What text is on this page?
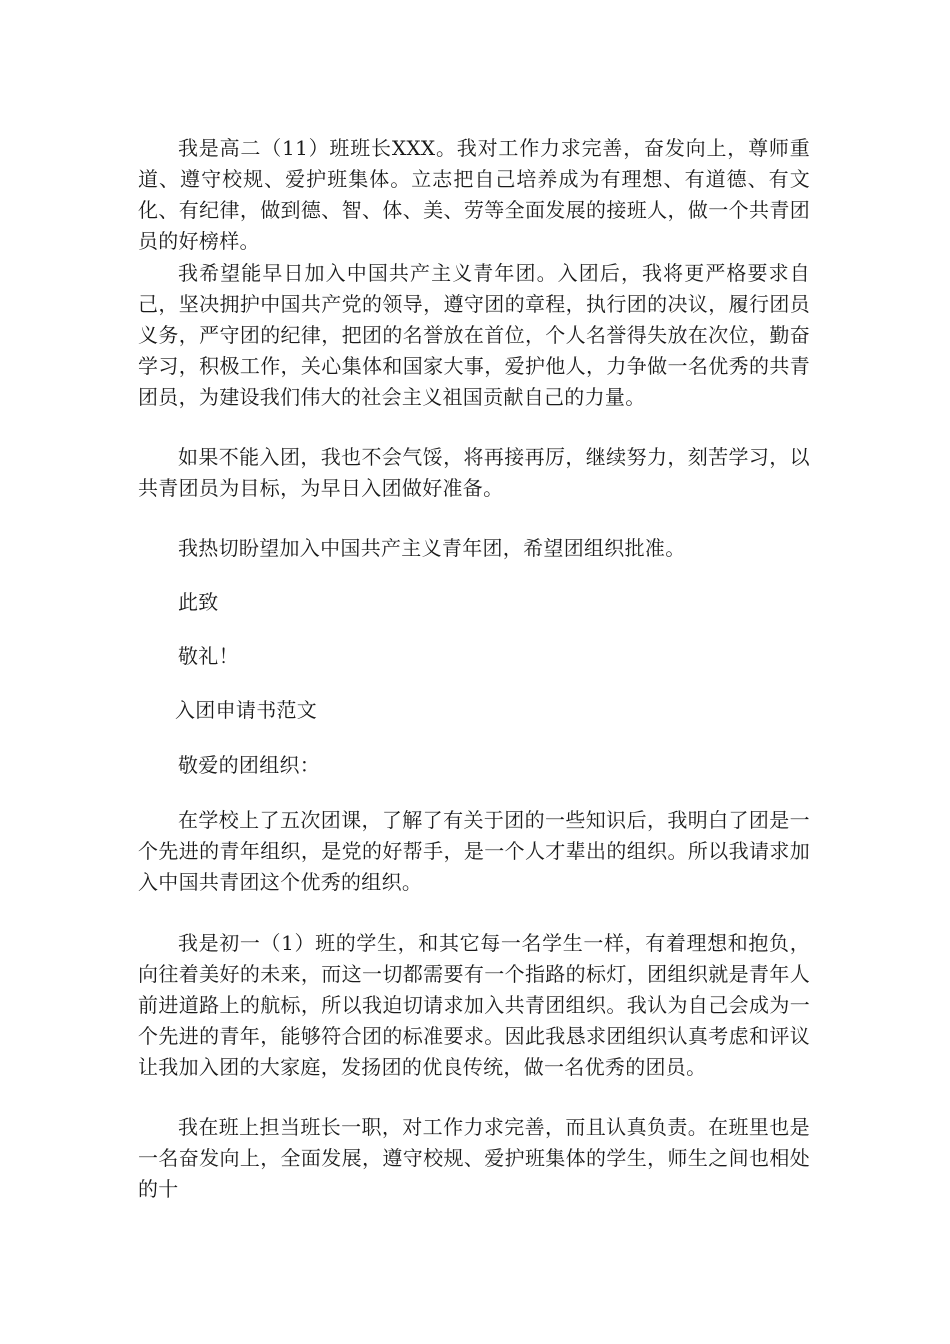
我是高二（11）班班长XXX。我对工作力求完善，奋发向上，尊师重道、遵守校规、爱护班集体。立志把自己培养成为有理想、有道德、有文化、有纪律，做到德、智、体、美、劳等全面发展的接班人，做一个共青团员的好榜样。

我希望能早日加入中国共产主义青年团。入团后，我将更严格要求自己，坚决拥护中国共产党的领导，遵守团的章程，执行团的决议，履行团员义务，严守团的纪律，把团的名誉放在首位，个人名誉得失放在次位，勤奋学习，积极工作，关心集体和国家大事，爱护他人，力争做一名优秀的共青团员，为建设我们伟大的社会主义祖国贡献自己的力量。

如果不能入团，我也不会气馁，将再接再厉，继续努力，刻苦学习，以共青团员为目标，为早日入团做好准备。

我热切盼望加入中国共产主义青年团，希望团组织批准。

此致

敬礼！

入团申请书范文

敬爱的团组织：

在学校上了五次团课，了解了有关于团的一些知识后，我明白了团是一个先进的青年组织，是党的好帮手，是一个人才辈出的组织。所以我请求加入中国共青团这个优秀的组织。

我是初一（1）班的学生，和其它每一名学生一样，有着理想和抱负，向往着美好的未来，而这一切都需要有一个指路的标灯，团组织就是青年人前进道路上的航标，所以我迫切请求加入共青团组织。我认为自己会成为一个先进的青年，能够符合团的标准要求。因此我恳求团组织认真考虑和评议让我加入团的大家庭，发扬团的优良传统，做一名优秀的团员。

我在班上担当班长一职，对工作力求完善，而且认真负责。在班里也是一名奋发向上，全面发展，遵守校规、爱护班集体的学生，师生之间也相处的十
